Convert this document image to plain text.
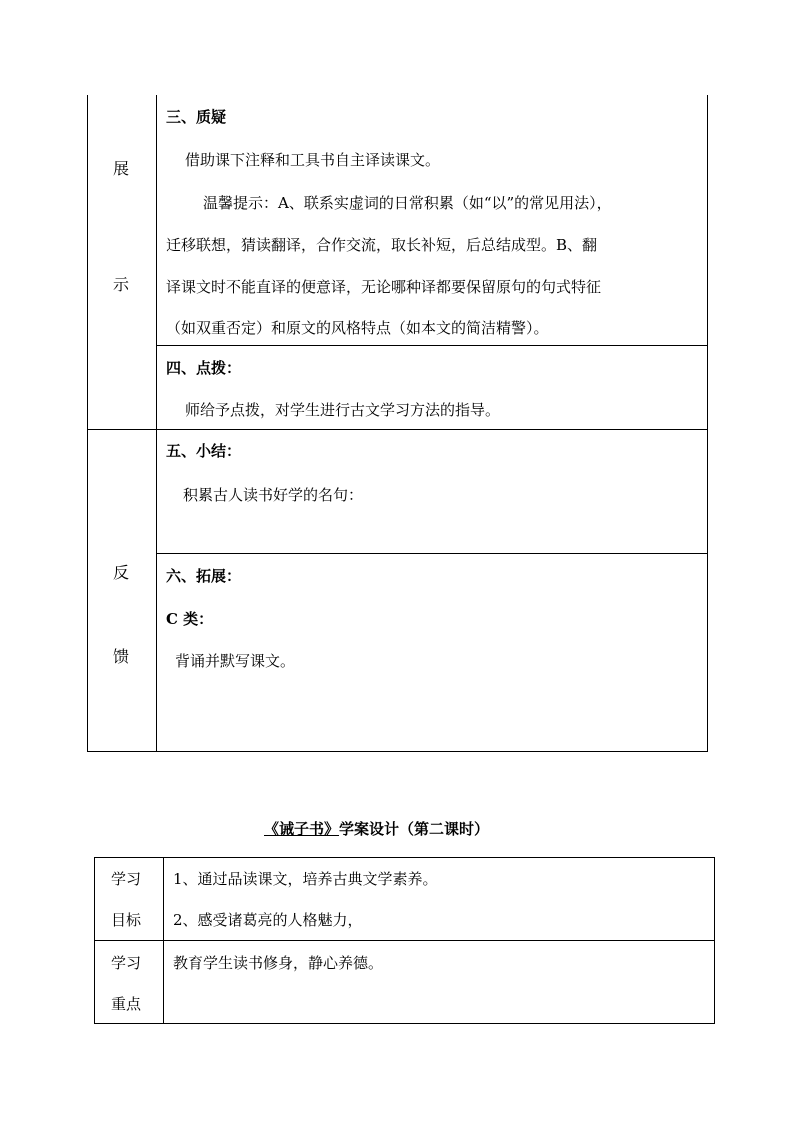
展
示
反
馈
三、质疑
借助课下注释和工具书自主译读课文。
温馨提示：A、联系实虚词的日常积累（如“以”的常见用法），
迁移联想，猜读翻译，合作交流，取长补短，后总结成型。B、翻
译课文时不能直译的便意译，无论哪种译都要保留原句的句式特征
（如双重否定）和原文的风格特点（如本文的简洁精警）。
四、点拨：
师给予点拨，对学生进行古文学习方法的指导。
五、小结：
积累古人读书好学的名句：
六、拓展：
C 类：
背诵并默写课文。
《诫子书》学案设计（第二课时）
学习
目标
1、通过品读课文，培养古典文学素养。
2、感受诸葛亮的人格魅力，
学习
重点
教育学生读书修身，静心养德。
